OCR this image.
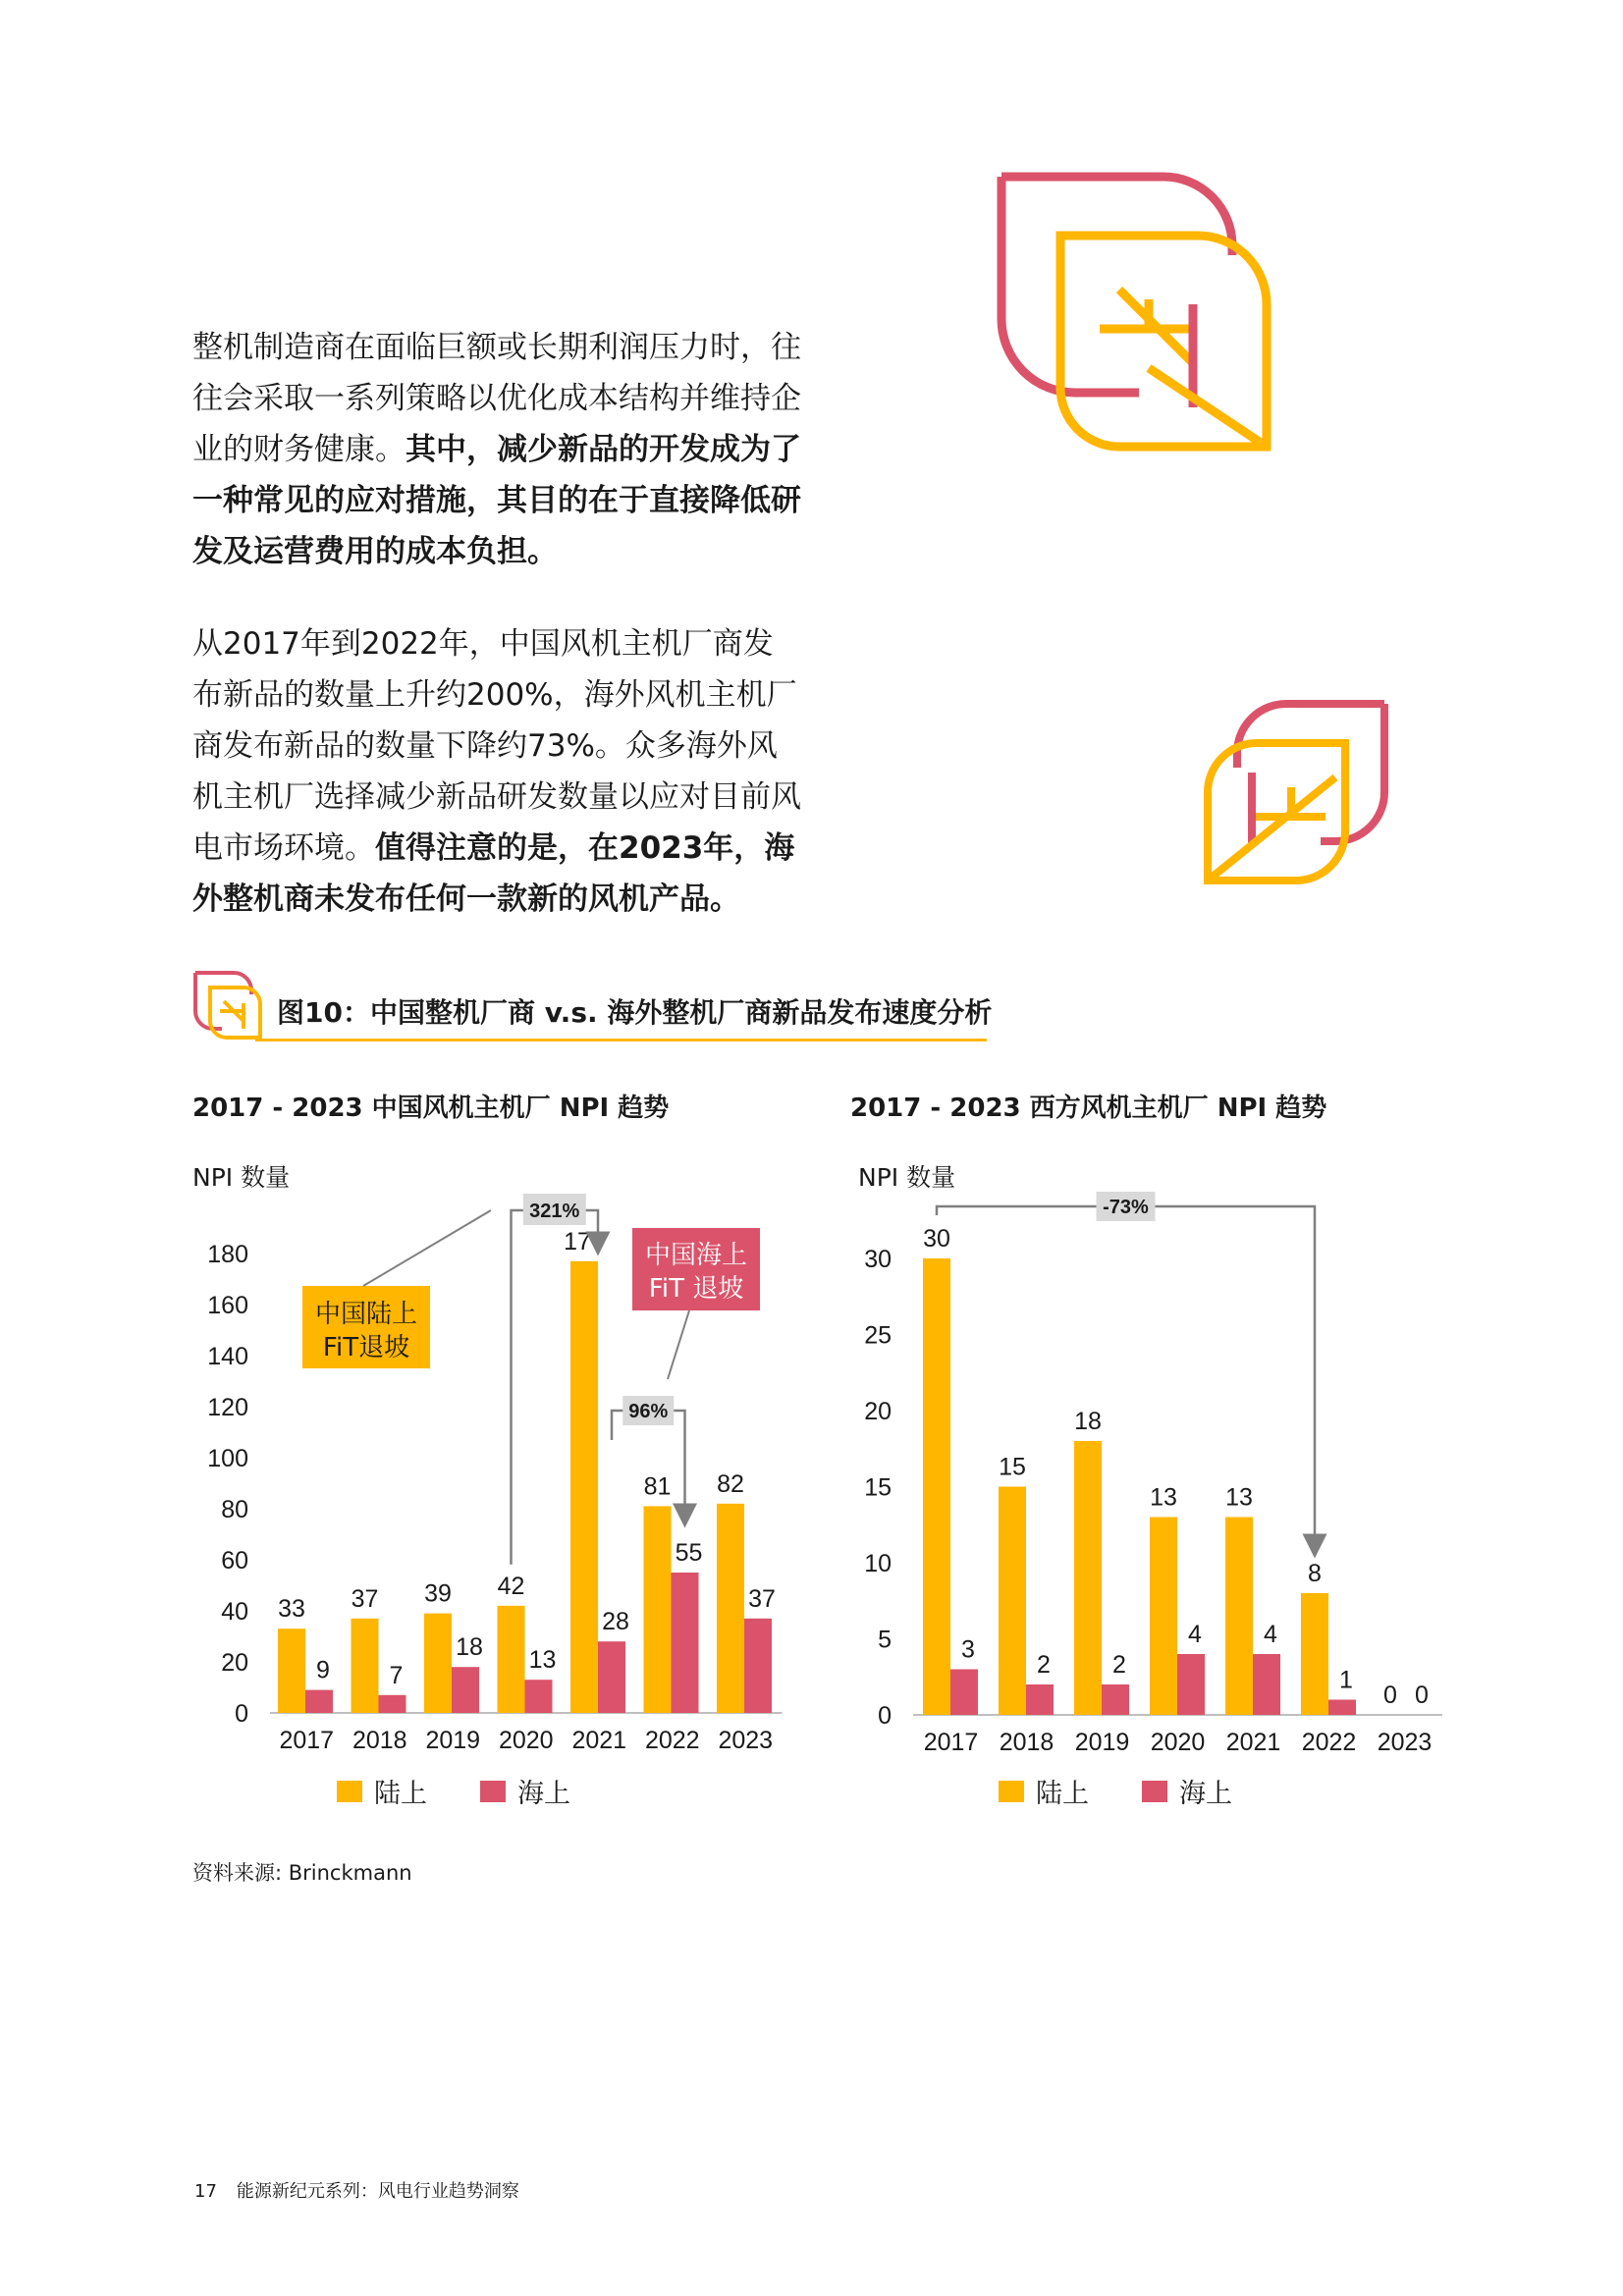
整机制造商在面临巨额或长期利润压力时，往往会采取一系列策略以优化成本结构并维持企业的财务健康。其中，减少新品的开发成为了一种常见的应对措施，其目的在于直接降低研发及运营费用的成本负担。

从2017年到2022年，中国风机主机厂商发布新品的数量上升约200%，海外风机主机厂商发布新品的数量下降约73%。众多海外风机主机厂选择减少新品研发数量以应对目前风电市场环境。值得注意的是，在2023年，海外整机商未发布任何一款新的风机产品。

图10：中国整机厂商 v.s. 海外整机厂商新品发布速度分析
2017 - 2023 中国风机主机厂 NPI 趋势
NPI 数量
0
20
40
60
80
100
120
140
160
180
2017
33
9
2018
37
7
2019
39
18
2020
42
13
2021
177
28
2022
81
55
2023
82
37
321%
96%
中国陆上
FiT退坡
中国海上
FiT 退坡
陆上	海上
2017 - 2023 西方风机主机厂 NPI 趋势
NPI 数量
0
5
10
15
20
25
30
2017
30
3
2018
15
2
2019
18
2
2020
13
4
2021
13
4
2022
8
1
2023
0 0
-73%
陆上	海上
资料来源: Brinckmann
17 能源新纪元系列：风电行业趋势洞察
